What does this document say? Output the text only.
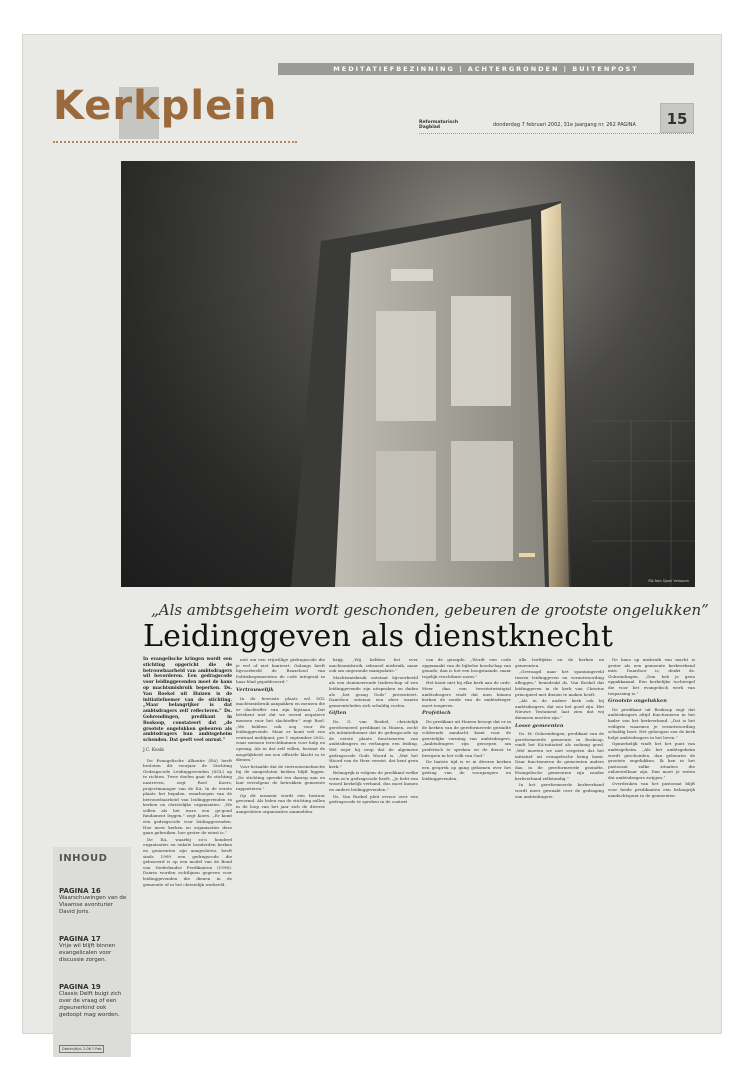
MEDITATIEFBEZINNING | ACHTERGRONDEN | BUITENPOST
Kerkplein	Reformatorisch Dagblad	donderdag 7 februari 2002, 31e jaargang nr. 262 PAGINA	15
RD-foto Sjaak Verboom
„Als ambtsgeheim wordt geschonden, gebeuren de grootste ongelukken”
Leidinggeven als dienstknecht
In evangelische kringen wordt een stichting opgericht die de betrouwbaarheid van ambtsdragers wil bevorderen. Een gedragscode voor leidinggevenden moet de kans op machtsmisbruik beperken. Ds. Van Roekel uit Huizen is de initiatiefnemer van de stichting. „Maar belangrijker is dat ambtsdragers zelf reflecteren.” Ds. Gohrendingen, predikant in Boskoop, constateert dat „de grootste ongelukken gebeuren als ambtsdragers hun ambtsgeheim schenden. Dat geeft veel onrust.”
J.C. Kesik

De Evangelische Alliantie (EA) heeft besloten dit voorjaar de Stichting Gedragscode Leidinggevenden (SGL) op te richten. Twee doelen gaat de stichting nastreven, zegt Roel Koers, projectmanager van de EA. In de eerste plaats het bepalen, waarborgen van de betrouwbaarheid van leidinggevenden in kerken en christelijke organisaties. „We willen als het ware een ge-goud fundament leggen,” zegt Koers. „Er komt een gedragscode voor leidinggevenden. Hoe meer kerken en organisaties deze gaan gebruiken, hoe groter de winst is.”

De EA, waarbij zo'n honderd organisaties en enkele honderden kerken en gemeenten zijn aangesloten, heeft sinds 1999 een gedragscode die gebaseerd is op een model van de Bond van Nederlandse Predikanten (1996). Daarin worden richtlijnen gegeven voor leidinggevenden die dienen in de gemeente of in het christelijk werkveld.

niet om een vrijwillige gedragscode die je wel of niet hanteert. Onlangs heeft bijvoorbeeld de Reaxchool van Politiekegemeenten de code integraal in haar blad gepubliceerd.”

Vertrouwelijk

In de bewuste plaats wil SGL machtsmisbruik aanpakken en mensen die er slachtoffer van zijn bijstaan. „Dat betekent niet dat we overal negatieve mensen voor het slachtoffer,” zegt Roel. „We hebben ook oog voor de leidinggevende. Maar er komt wel een centraal meldpunt, per 1 september 2002, waar mensen terechtkunnen voor hulp en opvang. Als in dat zelf willen, bestaat de mogelijkheid om een officiële klacht in te dienen.”

Voor betaalde dat de vertrouwensfunctie bij de aangesloten kerken blijft liggen. „De stichting spreekt ten daarop aan en laat vervolgens de betrokken gemeente rapporteren.”

Op dit moment wordt een bestuur gevormd. Als leden van de stichting zullen in de loop van het jaar zich de diverse aangesloten organisaties aanmelden.

krijg. „Wij hebben het over machtsmisbruik, seksueel misbruik, maar ook om ongezonde manipulatie.”

Machtsmisbruik ontstaat bijvoorbeeld als een domineerende leiderschap of een leidinggevende zijn uitspraken en daden als „het gezag Gods” presenteert. Daardoor ontstaat een sfeer waarin gemeenteleden zich schuldig voelen.

Giften

Ds. G. van Roekel, christelijk gereformeerd predikant in Huizen, zocht als initiatiefnemer dat de gedragscode op de eerste plaats functioneren van ambtsdragers en verlangen een leiding. Wel wijst hij erop dat de algemene gedragscode Gods Woord is. „Wat het Woord van de Heer vereist, dat kent geen kerk.”

Belangrijk is volgens de predikant welke vorm zo'n gedragscode heeft. „Je hebt een woord kerkelijk verband, dus moet komen en andere leidinggevenden.”

Ds. Van Roekel pleit ervoor over een gedragscode te spreken in de context

van de gezegde. „Wordt een code opgemaakt van de bijbelse boodschap van genade, dan is het een hoogstaande, maar tegelijk vruchtbare norm.”

Het komt niet bij elke kerk aan de orde. Meer dan een tweeëntwintigtal ambtsdragers vindt dat men binnen kerken de zonde van de ambtsdrager moet toegeven.

Profetisch

De predikant uit Huizen beoogt dat er in de kerken van de gereformeerde gezindte voldoende aandacht komt voor de geestelijke vorming van ambtsdragers. „Ambtsdragers zijn geroepen om profetisch te spreken en de dienst te bewijzen in het volk van God.”

De laatste tijd is er in diverse kerken een gesprek op gang gekomen over het gedrag van de voorgangers en leidinggevenden.

alle leeftijden en de kerken en gemeenten.

„Gevraagd naar het spanningsveld tussen leidinggeven en verantwoording afleggen,” benadrukt ds. Van Roekel dat leidinggeven in de kerk van Christus principieel met dienen te maken heeft.

„Als in de andere kerk ook bij ambtsdragers, dat zou het goed zijn. Het Nieuwe Testament laat zien dat wij dienaren moeten zijn.”

Losse gemeenten

Ds. M. Gohrendingen, predikant van de gereformeerde gemeente in Boskoop, vindt het EA-initiatief als zodanig goed. „Wel moeten we niet vergeten dat het initiatief uit evangelische kring komt. Daar functioneren de gemeenten anders dan in de gereformeerde gezindte. Evangelische gemeenten zijn zonder kerkverband zelfstandig.”

In het gereformeerde kerkverband wordt meer gewaakt over de gedraging van ambtsdragers.

De kans op misbruik van macht is groter als een gemeente kerkverband mist. Daardoor is, denkt ds. Gohrendingen, „Dan heb je geen oppakkanaal. Een kerkelijke tuchtregel die voor het evangelisch werk van toepassing is.”

Grootste ongelukken

De predikant uit Boskoop zegt dat ambtsdragers altijd functioneren in het kader van het kerkverband. „Dat is het veiligste waarmee je verantwoording schuldig bent. Het geheugen van de kerk helpt ambtsdragers in het leven.”

Opmerkelijk vindt het het punt van ambtsgeheim. „Als het ambtsgeheim wordt geschonden, dan gebeuren de grootste ongelukken. Ik ken in het pastoraat zulke situaties die onherstelbaar zijn. Dan moet je weten dat ambtsdragers zwijgen.”

Overdenken van het pastoraat blijft voor beide predikanten een belangrijk aandachtspunt in de gemeenten.

INHOUD
PAGINA 16
Waarschuwingen van de Vlaamse avonturier David Joris.
PAGINA 17
Vrije wil blijft binnen evangelicalen voor discussie zorgen.
PAGINA 19
Classis Delft buigt zich over de vraag of een zigeunerkind ook gedoopt mag worden.
Datum/tijd: 2-06 7 Feb
